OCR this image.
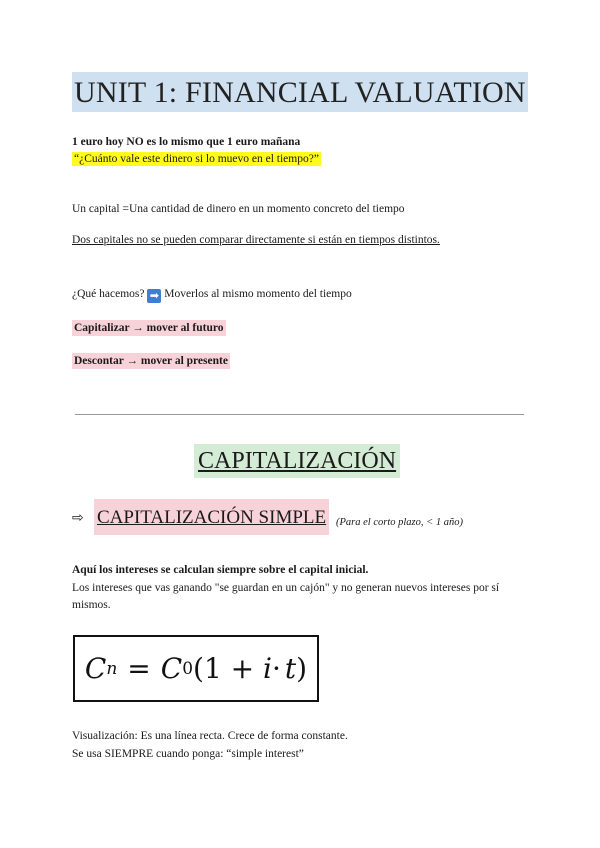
UNIT 1: FINANCIAL VALUATION
1 euro hoy NO es lo mismo que 1 euro mañana
“¿Cuánto vale este dinero si lo muevo en el tiempo?”
Un capital =Una cantidad de dinero en un momento concreto del tiempo
Dos capitales no se pueden comparar directamente si están en tiempos distintos.
¿Qué hacemos? ➡ Moverlos al mismo momento del tiempo
Capitalizar → mover al futuro
Descontar → mover al presente
CAPITALIZACIÓN
⇨ CAPITALIZACIÓN SIMPLE (Para el corto plazo, < 1 año)
Aquí los intereses se calculan siempre sobre el capital inicial.
Los intereses que vas ganando "se guardan en un cajón" y no generan nuevos intereses por sí
mismos.
C n = C 0 (1 + i · t )
Visualización: Es una línea recta. Crece de forma constante.
Se usa SIEMPRE cuando ponga: “simple interest”
